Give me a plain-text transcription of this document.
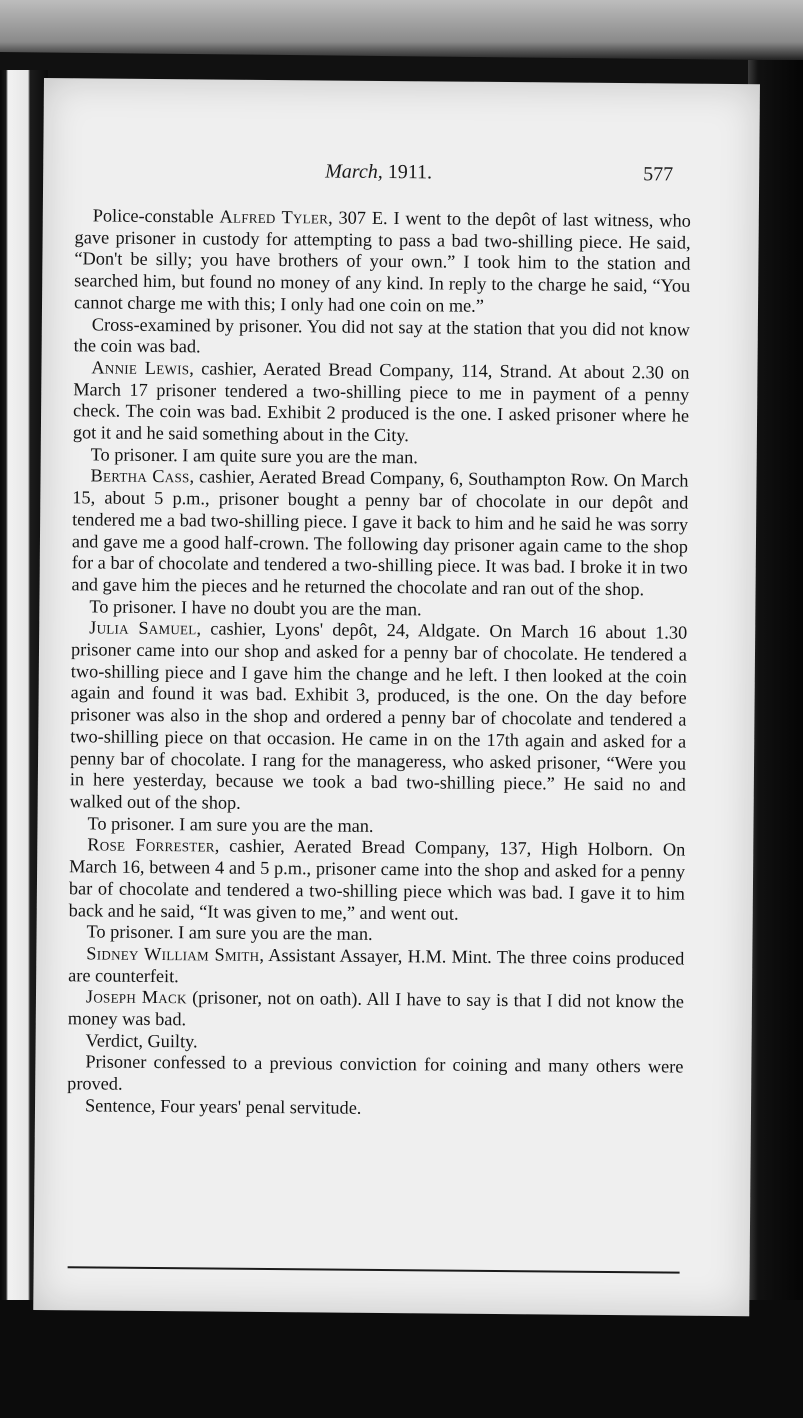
March, 1911.	577

Police-constable Alfred Tyler, 307 E. I went to the depôt of last witness, who gave prisoner in custody for attempting to pass a bad two-shilling piece. He said, “Don't be silly; you have brothers of your own.” I took him to the station and searched him, but found no money of any kind. In reply to the charge he said, “You cannot charge me with this; I only had one coin on me.”

Cross-examined by prisoner. You did not say at the station that you did not know the coin was bad.

Annie Lewis, cashier, Aerated Bread Company, 114, Strand. At about 2.30 on March 17 prisoner tendered a two-shilling piece to me in payment of a penny check. The coin was bad. Exhibit 2 produced is the one. I asked prisoner where he got it and he said something about in the City.

To prisoner. I am quite sure you are the man.

Bertha Cass, cashier, Aerated Bread Company, 6, Southampton Row. On March 15, about 5 p.m., prisoner bought a penny bar of chocolate in our depôt and tendered me a bad two-shilling piece. I gave it back to him and he said he was sorry and gave me a good half-crown. The following day prisoner again came to the shop for a bar of chocolate and tendered a two-shilling piece. It was bad. I broke it in two and gave him the pieces and he returned the chocolate and ran out of the shop.

To prisoner. I have no doubt you are the man.

Julia Samuel, cashier, Lyons' depôt, 24, Aldgate. On March 16 about 1.30 prisoner came into our shop and asked for a penny bar of chocolate. He tendered a two-shilling piece and I gave him the change and he left. I then looked at the coin again and found it was bad. Exhibit 3, produced, is the one. On the day before prisoner was also in the shop and ordered a penny bar of chocolate and tendered a two-shilling piece on that occasion. He came in on the 17th again and asked for a penny bar of chocolate. I rang for the manageress, who asked prisoner, “Were you in here yesterday, because we took a bad two-shilling piece.” He said no and walked out of the shop.

To prisoner. I am sure you are the man.

Rose Forrester, cashier, Aerated Bread Company, 137, High Holborn. On March 16, between 4 and 5 p.m., prisoner came into the shop and asked for a penny bar of chocolate and tendered a two-shilling piece which was bad. I gave it to him back and he said, “It was given to me,” and went out.

To prisoner. I am sure you are the man.

Sidney William Smith, Assistant Assayer, H.M. Mint. The three coins produced are counterfeit.

Joseph Mack (prisoner, not on oath). All I have to say is that I did not know the money was bad.

Verdict, Guilty.

Prisoner confessed to a previous conviction for coining and many others were proved.

Sentence, Four years' penal servitude.
